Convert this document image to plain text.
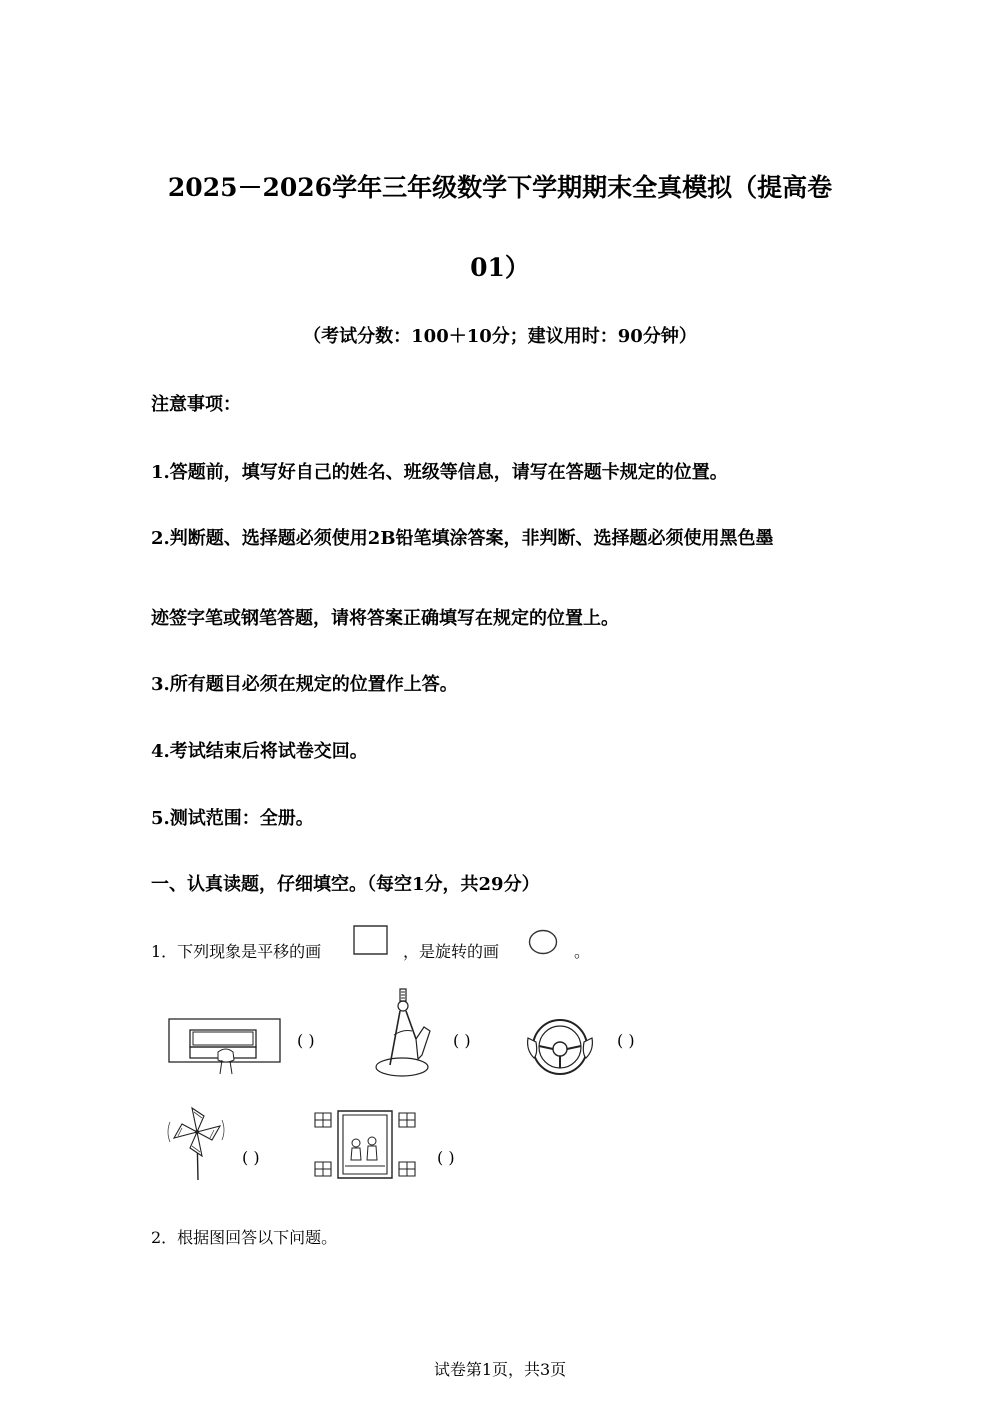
2025－2026学年三年级数学下学期期末全真模拟（提高卷
01）
（考试分数：100＋10分；建议用时：90分钟）
注意事项：
1.答题前，填写好自己的姓名、班级等信息，请写在答题卡规定的位置。
2.判断题、选择题必须使用2B铅笔填涂答案，非判断、选择题必须使用黑色墨
迹签字笔或钢笔答题，请将答案正确填写在规定的位置上。
3.所有题目必须在规定的位置作上答。
4.考试结束后将试卷交回。
5.测试范围：全册。
一、认真读题，仔细填空。（每空1分，共29分）
1．下列现象是平移的画	，是旋转的画	。
( )	( )	( )
( )	( )
2．根据图回答以下问题。
试卷第1页，共3页
